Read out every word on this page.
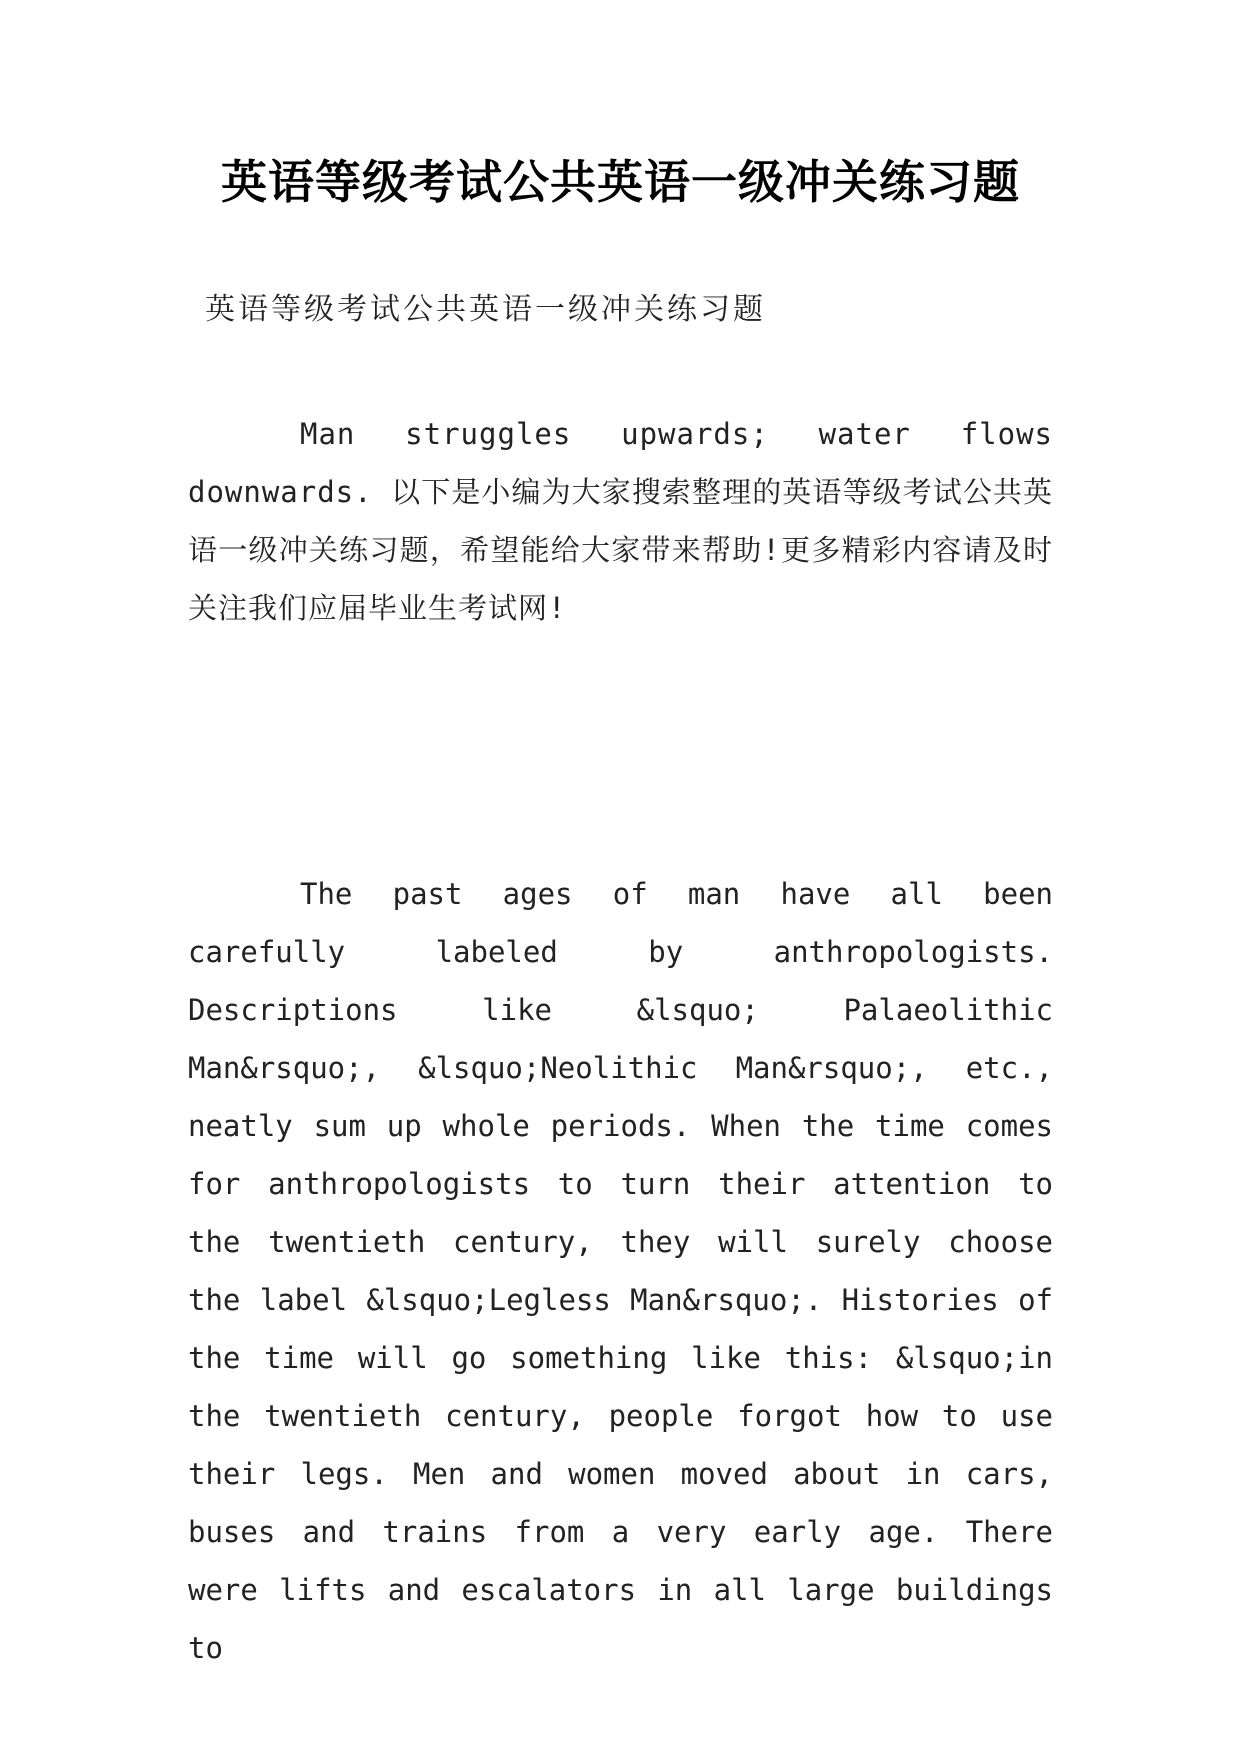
英语等级考试公共英语一级冲关练习题
英语等级考试公共英语一级冲关练习题

Man struggles upwards; water flows downwards. 以下是小编为大家搜索整理的英语等级考试公共英语一级冲关练习题，希望能给大家带来帮助!更多精彩内容请及时关注我们应届毕业生考试网!

The past ages of man have all been carefully labeled by anthropologists. Descriptions like &lsquo; Palaeolithic Man&rsquo;, &lsquo;Neolithic Man&rsquo;, etc., neatly sum up whole periods. When the time comes for anthropologists to turn their attention to the twentieth century, they will surely choose the label &lsquo;Legless Man&rsquo;. Histories of the time will go something like this: &lsquo;in the twentieth century, people forgot how to use their legs. Men and women moved about in cars, buses and trains from a very early age. There were lifts and escalators in all large buildings to
